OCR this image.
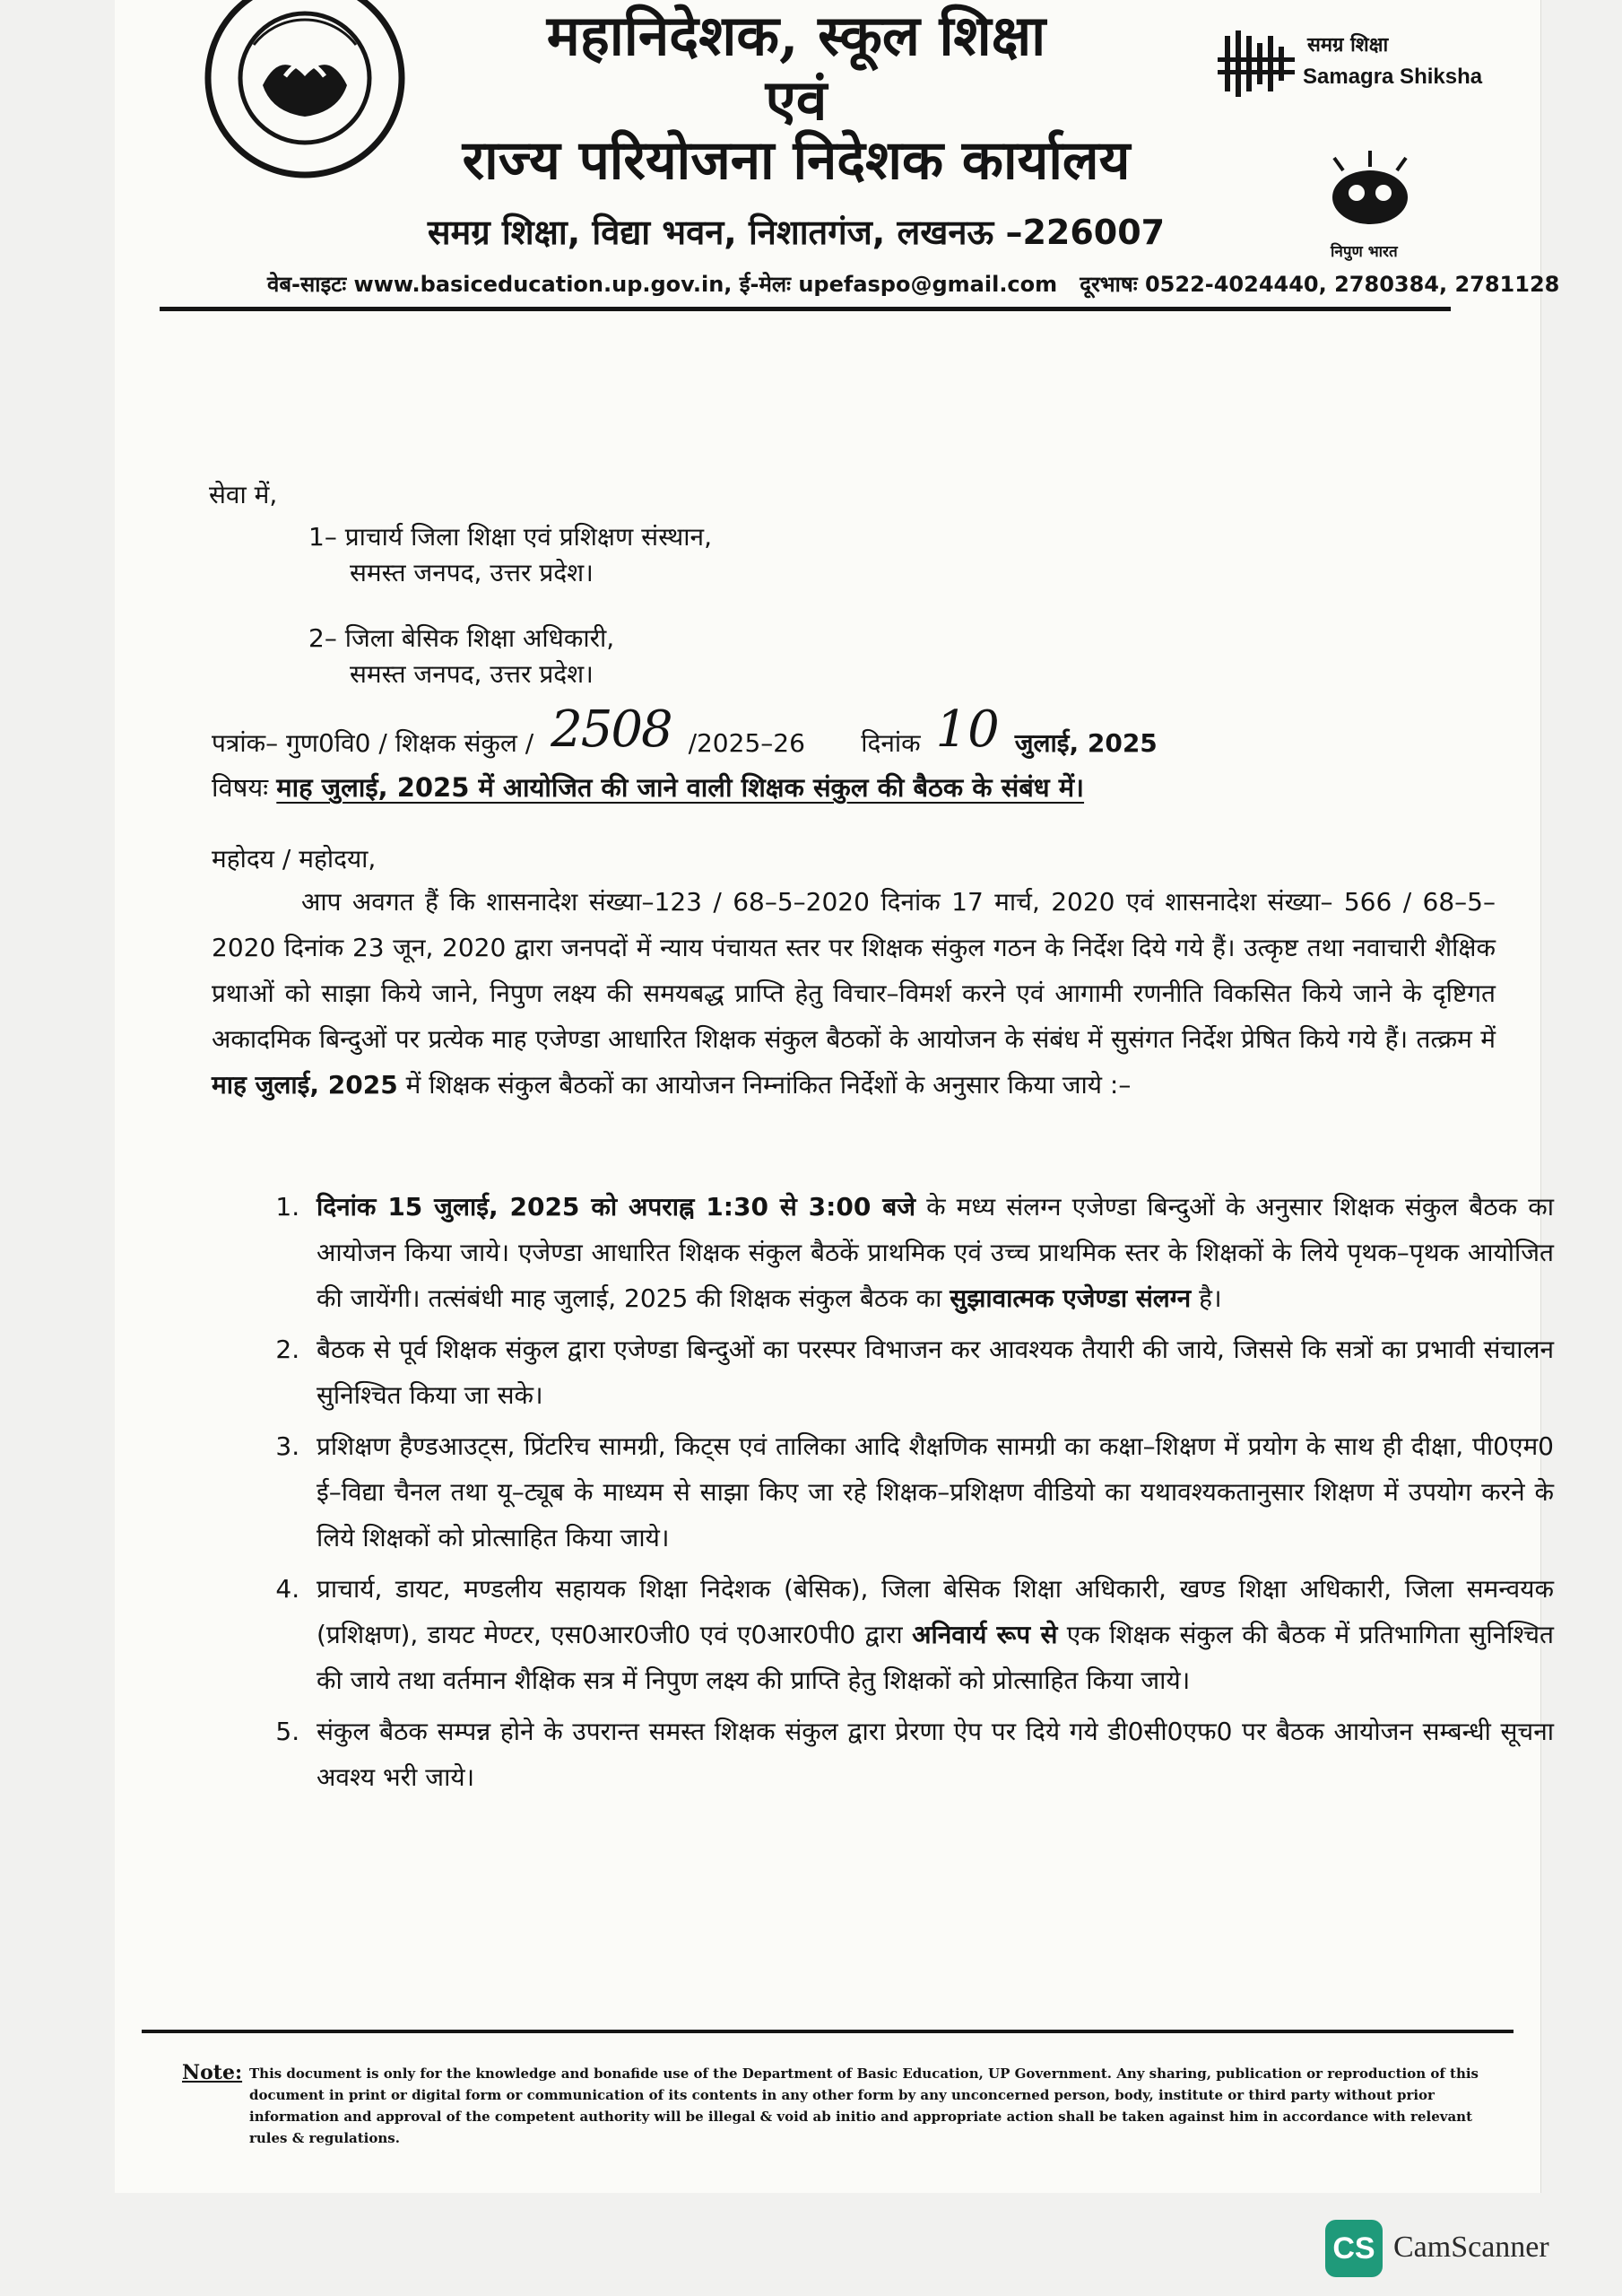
महानिदेशक, स्कूल शिक्षा
एवं
राज्य परियोजना निदेशक कार्यालय
समग्र शिक्षा, विद्या भवन, निशातगंज, लखनऊ –226007
वेब-साइटः www.basiceducation.up.gov.in, ई-मेलः upefaspo@gmail.com दूरभाषः 0522-4024440, 2780384, 2781128
समग्र शिक्षा
Samagra Shiksha
निपुण भारत
सेवा में,
1– प्राचार्य जिला शिक्षा एवं प्रशिक्षण संस्थान,
समस्त जनपद, उत्तर प्रदेश।
2– जिला बेसिक शिक्षा अधिकारी,
समस्त जनपद, उत्तर प्रदेश।
पत्रांक– गुण0वि0 / शिक्षक संकुल / 2508 /2025–26 दिनांक 10 जुलाई, 2025
विषयः माह जुलाई, 2025 में आयोजित की जाने वाली शिक्षक संकुल की बैठक के संबंध में।
महोदय / महोदया,
आप अवगत हैं कि शासनादेश संख्या–123 / 68–5–2020 दिनांक 17 मार्च, 2020 एवं शासनादेश संख्या– 566 / 68–5–2020 दिनांक 23 जून, 2020 द्वारा जनपदों में न्याय पंचायत स्तर पर शिक्षक संकुल गठन के निर्देश दिये गये हैं। उत्कृष्ट तथा नवाचारी शैक्षिक प्रथाओं को साझा किये जाने, निपुण लक्ष्य की समयबद्ध प्राप्ति हेतु विचार–विमर्श करने एवं आगामी रणनीति विकसित किये जाने के दृष्टिगत अकादमिक बिन्दुओं पर प्रत्येक माह एजेण्डा आधारित शिक्षक संकुल बैठकों के आयोजन के संबंध में सुसंगत निर्देश प्रेषित किये गये हैं। तत्क्रम में माह जुलाई, 2025 में शिक्षक संकुल बैठकों का आयोजन निम्नांकित निर्देशों के अनुसार किया जाये :–
1. दिनांक 15 जुलाई, 2025 को अपराह्न 1:30 से 3:00 बजे के मध्य संलग्न एजेण्डा बिन्दुओं के अनुसार शिक्षक संकुल बैठक का आयोजन किया जाये। एजेण्डा आधारित शिक्षक संकुल बैठकें प्राथमिक एवं उच्च प्राथमिक स्तर के शिक्षकों के लिये पृथक–पृथक आयोजित की जायेंगी। तत्संबंधी माह जुलाई, 2025 की शिक्षक संकुल बैठक का सुझावात्मक एजेण्डा संलग्न है।
2. बैठक से पूर्व शिक्षक संकुल द्वारा एजेण्डा बिन्दुओं का परस्पर विभाजन कर आवश्यक तैयारी की जाये, जिससे कि सत्रों का प्रभावी संचालन सुनिश्चित किया जा सके।
3. प्रशिक्षण हैण्डआउट्स, प्रिंटरिच सामग्री, किट्स एवं तालिका आदि शैक्षणिक सामग्री का कक्षा–शिक्षण में प्रयोग के साथ ही दीक्षा, पी0एम0 ई–विद्या चैनल तथा यू–ट्यूब के माध्यम से साझा किए जा रहे शिक्षक–प्रशिक्षण वीडियो का यथावश्यकतानुसार शिक्षण में उपयोग करने के लिये शिक्षकों को प्रोत्साहित किया जाये।
4. प्राचार्य, डायट, मण्डलीय सहायक शिक्षा निदेशक (बेसिक), जिला बेसिक शिक्षा अधिकारी, खण्ड शिक्षा अधिकारी, जिला समन्वयक (प्रशिक्षण), डायट मेण्टर, एस0आर0जी0 एवं ए0आर0पी0 द्वारा अनिवार्य रूप से एक शिक्षक संकुल की बैठक में प्रतिभागिता सुनिश्चित की जाये तथा वर्तमान शैक्षिक सत्र में निपुण लक्ष्य की प्राप्ति हेतु शिक्षकों को प्रोत्साहित किया जाये।
5. संकुल बैठक सम्पन्न होने के उपरान्त समस्त शिक्षक संकुल द्वारा प्रेरणा ऐप पर दिये गये डी0सी0एफ0 पर बैठक आयोजन सम्बन्धी सूचना अवश्य भरी जाये।
Note: This document is only for the knowledge and bonafide use of the Department of Basic Education, UP Government. Any sharing, publication or reproduction of this document in print or digital form or communication of its contents in any other form by any unconcerned person, body, institute or third party without prior information and approval of the competent authority will be illegal & void ab initio and appropriate action shall be taken against him in accordance with relevant rules & regulations.
CS CamScanner
